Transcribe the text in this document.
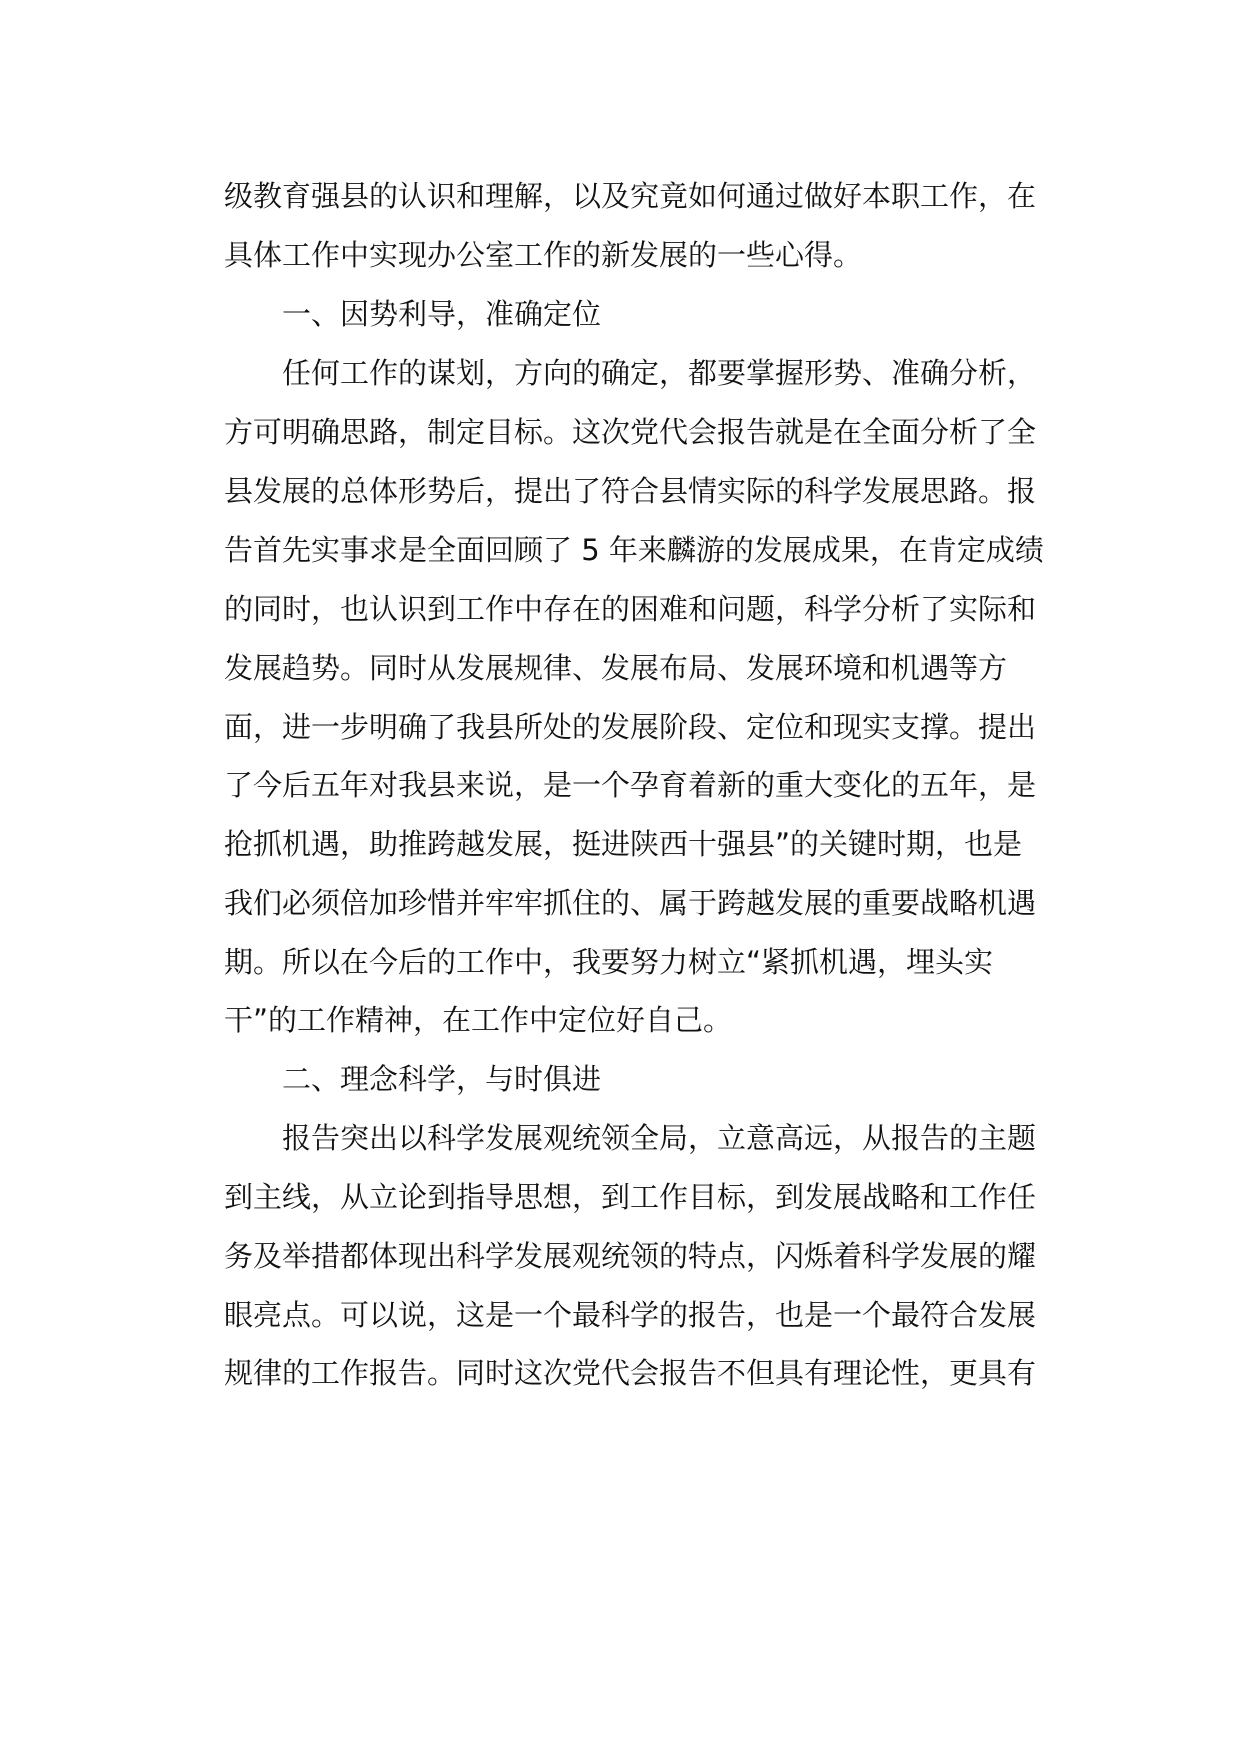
级教育强县的认识和理解，以及究竟如何通过做好本职工作，在
具体工作中实现办公室工作的新发展的一些心得。
一、因势利导，准确定位
任何工作的谋划，方向的确定，都要掌握形势、准确分析，
方可明确思路，制定目标。这次党代会报告就是在全面分析了全
县发展的总体形势后，提出了符合县情实际的科学发展思路。报
告首先实事求是全面回顾了 5 年来麟游的发展成果，在肯定成绩
的同时，也认识到工作中存在的困难和问题，科学分析了实际和
发展趋势。同时从发展规律、发展布局、发展环境和机遇等方
面，进一步明确了我县所处的发展阶段、定位和现实支撑。提出
了今后五年对我县来说，是一个孕育着新的重大变化的五年，是
抢抓机遇，助推跨越发展，挺进陕西十强县”的关键时期，也是
我们必须倍加珍惜并牢牢抓住的、属于跨越发展的重要战略机遇
期。所以在今后的工作中，我要努力树立“紧抓机遇，埋头实
干”的工作精神，在工作中定位好自己。
二、理念科学，与时俱进
报告突出以科学发展观统领全局，立意高远，从报告的主题
到主线，从立论到指导思想，到工作目标，到发展战略和工作任
务及举措都体现出科学发展观统领的特点，闪烁着科学发展的耀
眼亮点。可以说，这是一个最科学的报告，也是一个最符合发展
规律的工作报告。同时这次党代会报告不但具有理论性，更具有
